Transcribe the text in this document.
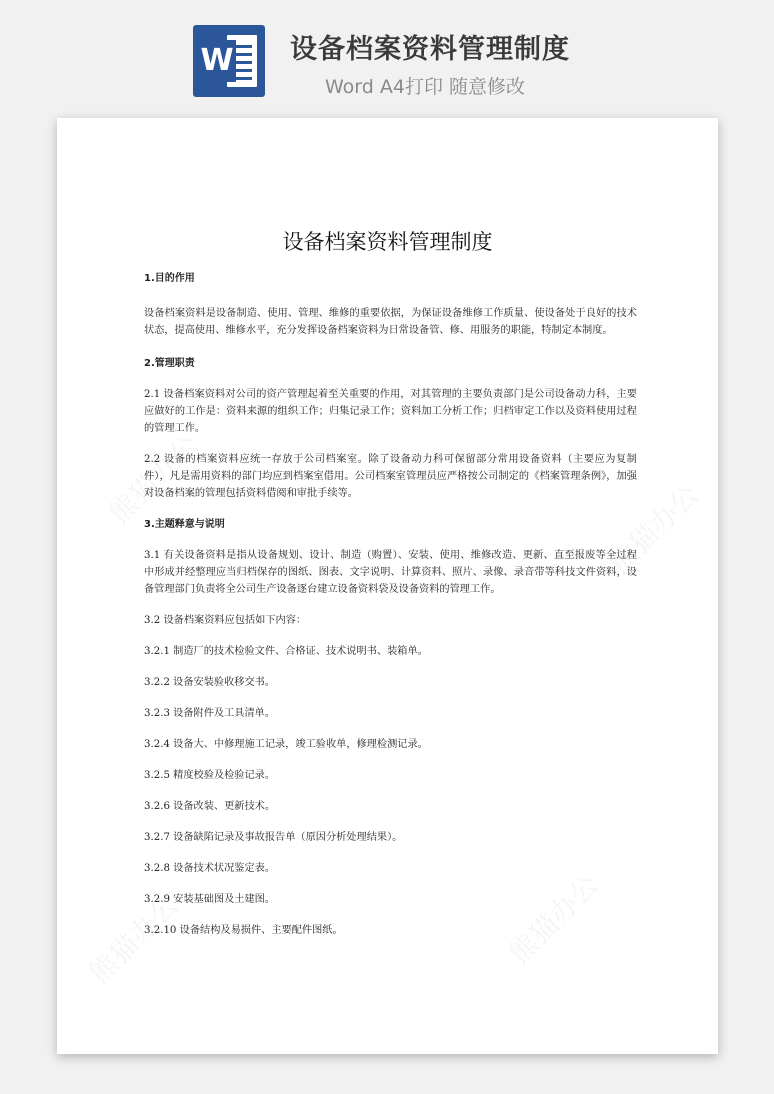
W 设备档案资料管理制度
Word A4打印 随意修改
设备档案资料管理制度

1.目的作用

设备档案资料是设备制造、使用、管理、维修的重要依据，为保证设备维修工作质量、使设备处于良好的技术状态，提高使用、维修水平，充分发挥设备档案资料为日常设备管、修、用服务的职能，特制定本制度。

2.管理职责

2.1 设备档案资料对公司的资产管理起着至关重要的作用，对其管理的主要负责部门是公司设备动力科，主要应做好的工作是：资料来源的组织工作；归集记录工作；资料加工分析工作；归档审定工作以及资料使用过程的管理工作。

2.2 设备的档案资料应统一存放于公司档案室。除了设备动力科可保留部分常用设备资料（主要应为复制件），凡是需用资料的部门均应到档案室借用。公司档案室管理员应严格按公司制定的《档案管理条例》，加强对设备档案的管理包括资料借阅和审批手续等。

3.主题释意与说明

3.1 有关设备资料是指从设备规划、设计、制造（购置）、安装、使用、维修改造、更新、直至报废等全过程中形成并经整理应当归档保存的图纸、图表、文字说明、计算资料、照片、录像、录音带等科技文件资料，设备管理部门负责将全公司生产设备逐台建立设备资料袋及设备资料的管理工作。

3.2 设备档案资料应包括如下内容：

3.2.1 制造厂的技术检验文件、合格证、技术说明书、装箱单。

3.2.2 设备安装验收移交书。

3.2.3 设备附件及工具清单。

3.2.4 设备大、中修理施工记录，竣工验收单，修理检测记录。

3.2.5 精度校验及检验记录。

3.2.6 设备改装、更新技术。

3.2.7 设备缺陷记录及事故报告单（原因分析处理结果）。

3.2.8 设备技术状况鉴定表。

3.2.9 安装基础图及土建图。

3.2.10 设备结构及易损件、主要配件图纸。
